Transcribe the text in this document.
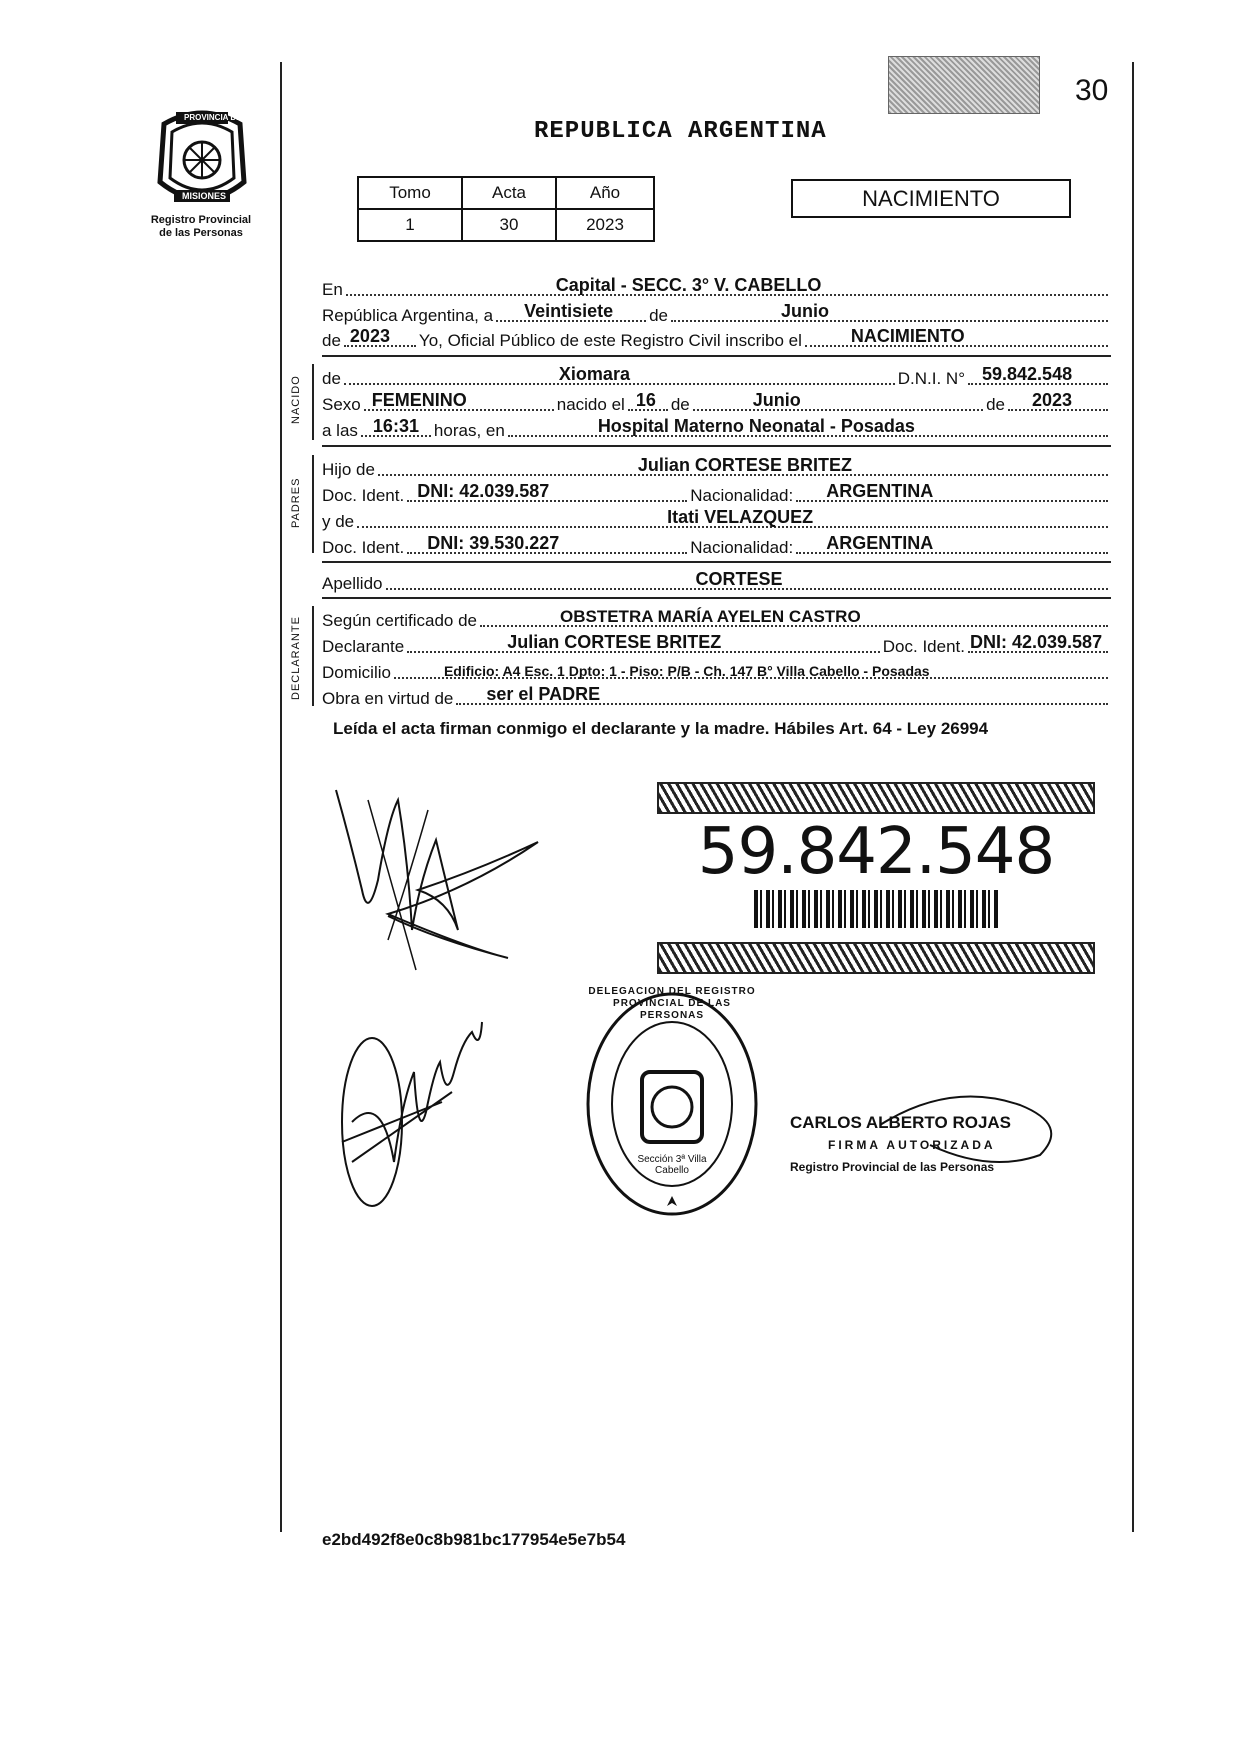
PROVINCIA DE
MISIONES
Registro Provincial
de las Personas
REPUBLICA ARGENTINA
30
Tomo	Acta	Año
1	30	2023
NACIMIENTO
En	Capital - SECC. 3° V. CABELLO
República Argentina, a Veintisiete de	Junio
de 2023 Yo, Oficial Público de este Registro Civil inscribo el	NACIMIENTO
NACIDO de	Xiomara	D.N.I. N° 59.842.548
Sexo FEMENINO	nacido el 16 de	Junio	de 2023
a las 16:31 horas, en	Hospital Materno Neonatal - Posadas
PADRES
Hijo de	Julian CORTESE BRITEZ
Doc. Ident. DNI: 42.039.587	Nacionalidad: ARGENTINA
y de	Itati VELAZQUEZ
Doc. Ident. DNI: 39.530.227	Nacionalidad: ARGENTINA
Apellido	CORTESE
DECLARANTE Según certificado de	OBSTETRA MARÍA AYELEN CASTRO
Declarante	Julian CORTESE BRITEZ	Doc. Ident. DNI: 42.039.587
Domicilio	Edificio: A4 Esc. 1 Dpto: 1 - Piso: P/B - Ch. 147 B° Villa Cabello - Posadas
Obra en virtud de ser el PADRE
Leída el acta firman conmigo el declarante y la madre. Hábiles Art. 64 - Ley 26994
59.842.548
DELEGACION DEL REGISTRO PROVINCIAL DE LAS PERSONAS
Sección 3ª Villa Cabello
CARLOS ALBERTO ROJAS
FIRMA AUTORIZADA
Registro Provincial de las Personas
e2bd492f8e0c8b981bc177954e5e7b54
